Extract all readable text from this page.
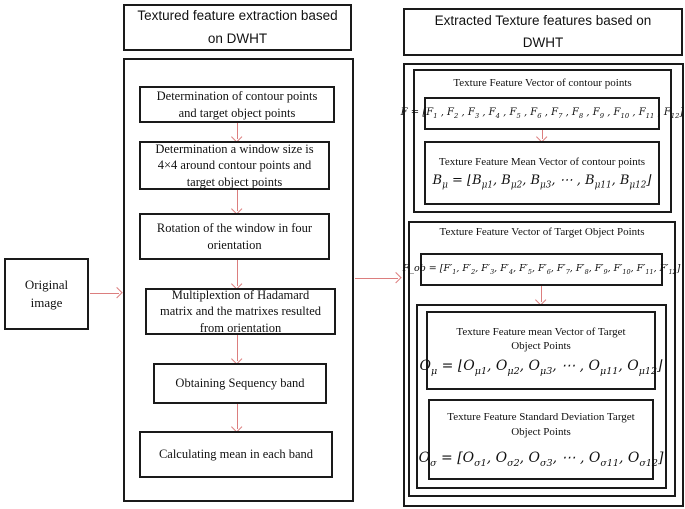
Original image
Textured feature extraction based on DWHT
Determination of contour points and target object points
Determination a window size is 4×4 around contour points and target object points
Rotation of the window in four orientation
Multiplextion of Hadamard matrix and the matrixes resulted from orientation
Obtaining Sequency band
Calculating mean in each band
Extracted Texture features based on DWHT
Texture Feature Vector of contour points
$F = [F_1$ , $F_2$ , $F_3$ , $F_4$ , $F_5$ , $F_6$ , $F_7$ , $F_8$ , $F_9$ , $F_{10}$ , $F_{11}$ , $F_{12}$]
Texture Feature Mean Vector of contour points
$B_\mu$ = $⌊B_{\mu 1}$, $B_{\mu 2}$, $B_{\mu 3}$, ⋯ , $B_{\mu 11}$, $B_{\mu 12}⌋$
Texture Feature Vector of Target Object Points
F_ob = [$F'_1$, $F'_2$, $F'_3$, $F'_4$, $F'_5$, $F'_6$, $F'_7$, $F'_8$, $F'_9$, $F'_{10}$, $F'_{11}$, $F'_{12}$]
Texture Feature mean Vector of Target Object Points
$O_\mu$ = $⌊O_{\mu 1}$, $O_{\mu 2}$, $O_{\mu 3}$, ⋯ , $O_{\mu 11}$, $O_{\mu 12}⌋$
Texture Feature Standard Deviation Target Object Points
$O_\sigma = [O_{\sigma 1}$, $O_{\sigma 2}$, $O_{\sigma 3}$, ⋯ , $O_{\sigma 11}$, $O_{\sigma 12}$]
